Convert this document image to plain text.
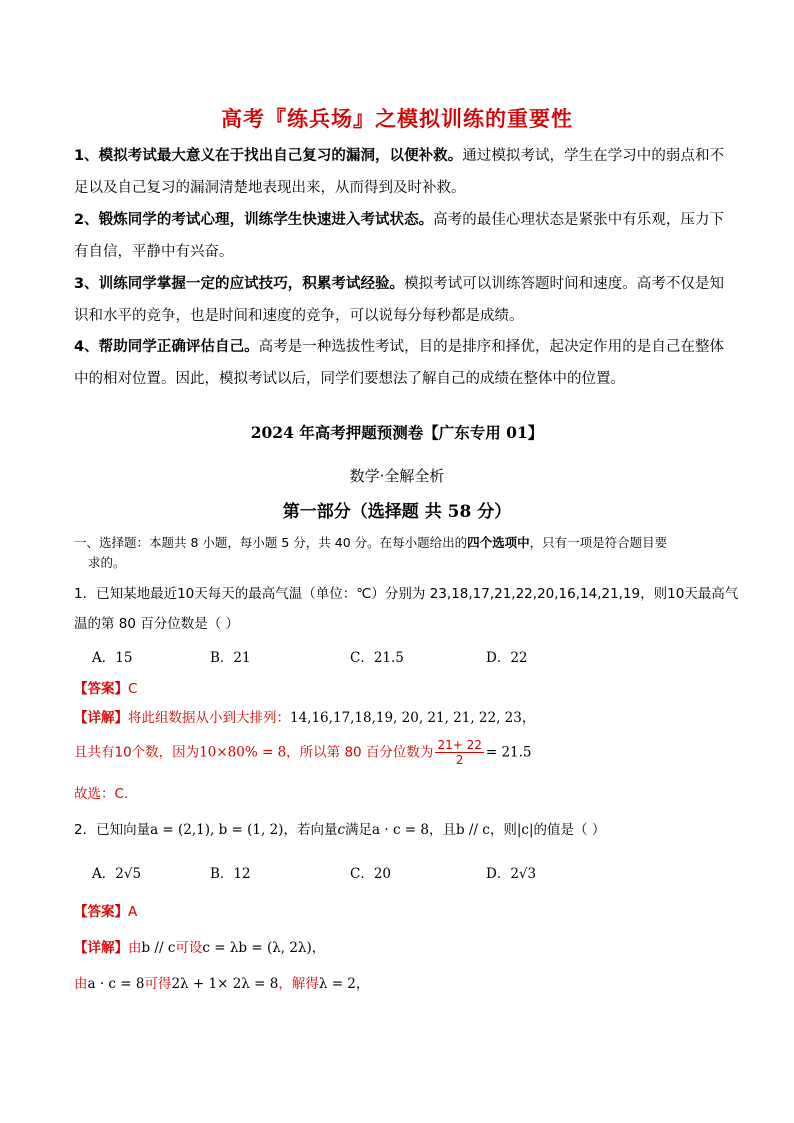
高考『练兵场』之模拟训练的重要性
1、模拟考试最大意义在于找出自己复习的漏洞，以便补救。通过模拟考试，学生在学习中的弱点和不足以及自己复习的漏洞清楚地表现出来，从而得到及时补救。
2、锻炼同学的考试心理，训练学生快速进入考试状态。高考的最佳心理状态是紧张中有乐观，压力下有自信，平静中有兴奋。
3、训练同学掌握一定的应试技巧，积累考试经验。模拟考试可以训练答题时间和速度。高考不仅是知识和水平的竞争，也是时间和速度的竞争，可以说每分每秒都是成绩。
4、帮助同学正确评估自己。高考是一种选拔性考试，目的是排序和择优，起决定作用的是自己在整体中的相对位置。因此，模拟考试以后，同学们要想法了解自己的成绩在整体中的位置。
2024 年高考押题预测卷【广东专用 01】
数学·全解全析
第一部分（选择题 共 58 分）
一、选择题：本题共 8 小题，每小题 5 分，共 40 分。在每小题给出的四个选项中，只有一项是符合题目要
求的。
1．已知某地最近10天每天的最高气温（单位：℃）分别为 23,18,17,21,22,20,16,14,21,19，则10天最高气
温的第 80 百分位数是（ ）
A．15	B．21	C．21.5	D．22
【答案】C
【详解】将此组数据从小到大排列：14,16,17,18,19, 20, 21, 21, 22, 23，
且共有10个数，因为10×80% = 8，所以第 80 百分位数为 $\frac{21+ 22}{2} = 21.5$
故选：C.
2．已知向量a = (2,1), b = (1, 2)，若向量c满足a · c = 8，且b // c，则|c|的值是（ ）
A．2√5	B．12	C．20	D．2√3
【答案】A
【详解】由b // c可设c = λb = (λ, 2λ)，
由a · c = 8可得2λ + 1× 2λ = 8，解得λ = 2，
